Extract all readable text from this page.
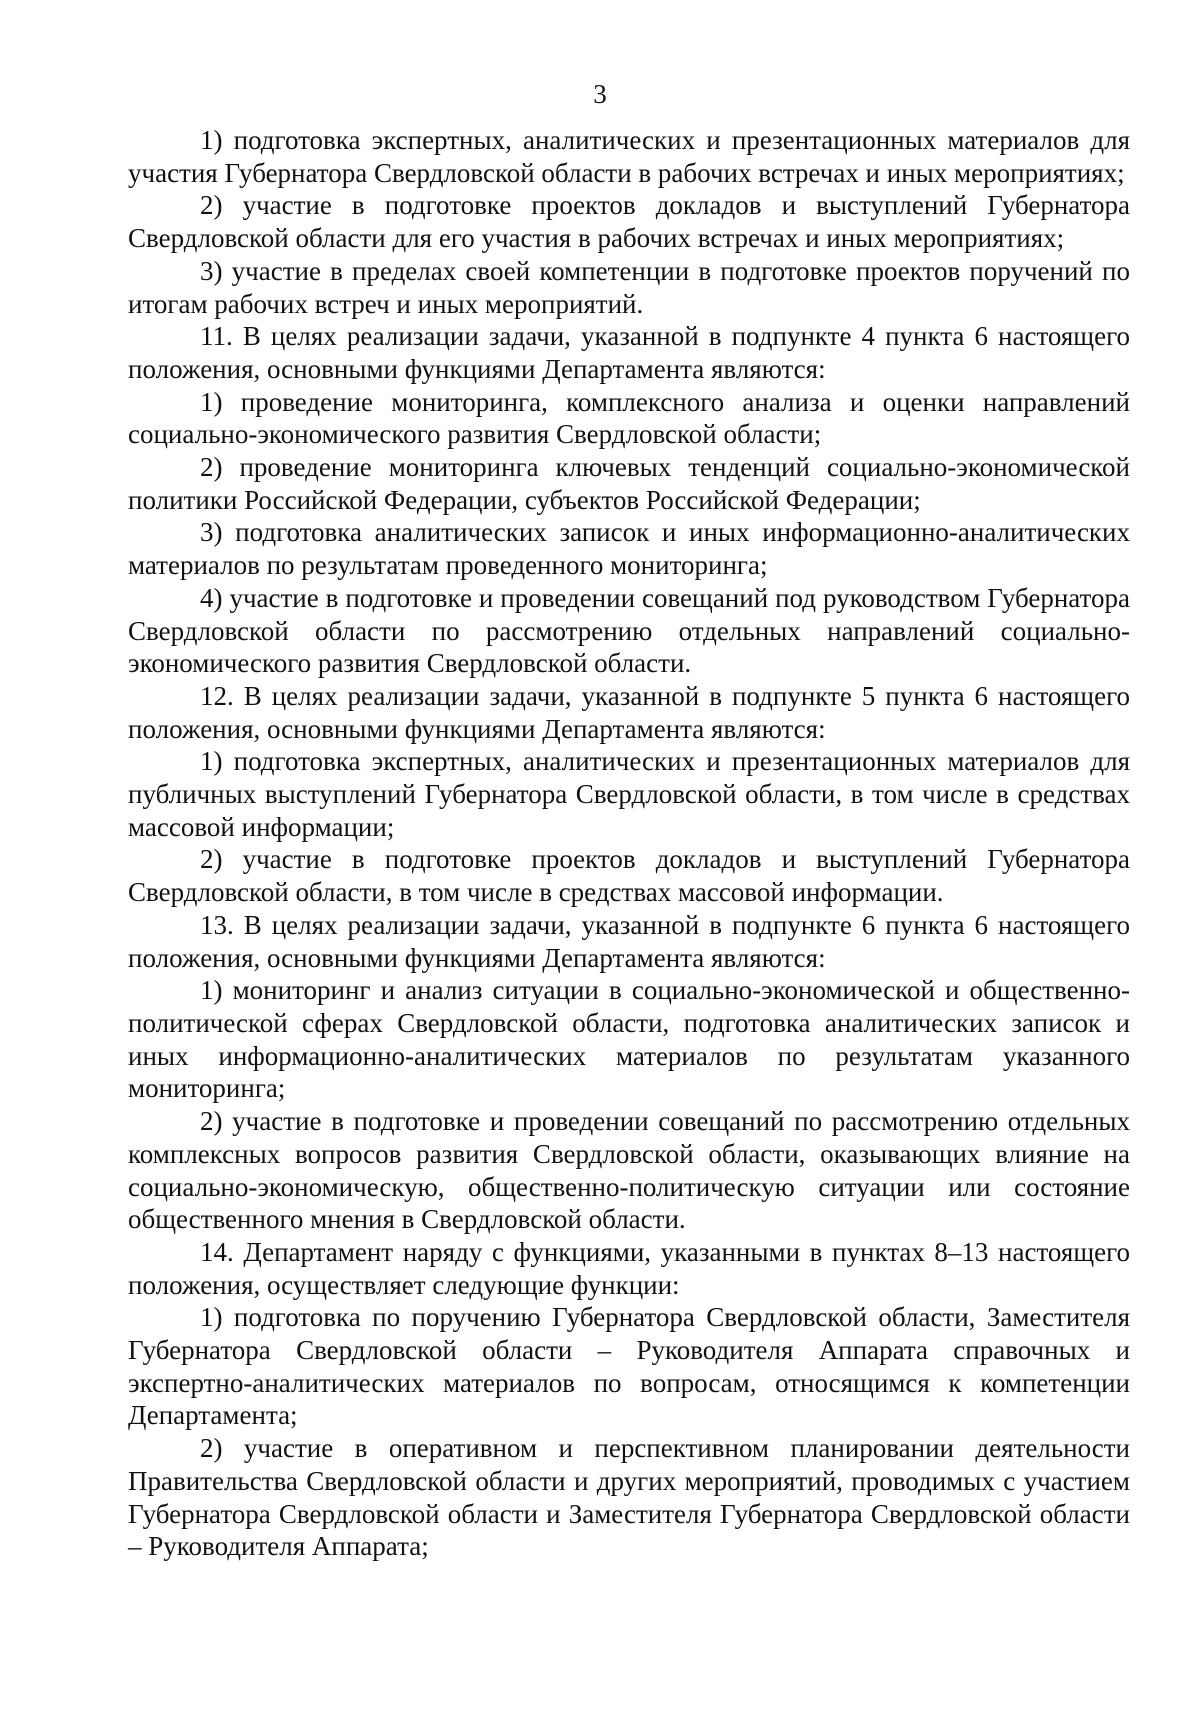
3

1) подготовка экспертных, аналитических и презентационных материалов для участия Губернатора Свердловской области в рабочих встречах и иных мероприятиях;

2) участие в подготовке проектов докладов и выступлений Губернатора Свердловской области для его участия в рабочих встречах и иных мероприятиях;

3) участие в пределах своей компетенции в подготовке проектов поручений по итогам рабочих встреч и иных мероприятий.

11. В целях реализации задачи, указанной в подпункте 4 пункта 6 настоящего положения, основными функциями Департамента являются:

1) проведение мониторинга, комплексного анализа и оценки направлений социально-экономического развития Свердловской области;

2) проведение мониторинга ключевых тенденций социально-экономической политики Российской Федерации, субъектов Российской Федерации;

3) подготовка аналитических записок и иных информационно-аналитических материалов по результатам проведенного мониторинга;

4) участие в подготовке и проведении совещаний под руководством Губернатора Свердловской области по рассмотрению отдельных направлений социально-экономического развития Свердловской области.

12. В целях реализации задачи, указанной в подпункте 5 пункта 6 настоящего положения, основными функциями Департамента являются:

1) подготовка экспертных, аналитических и презентационных материалов для публичных выступлений Губернатора Свердловской области, в том числе в средствах массовой информации;

2) участие в подготовке проектов докладов и выступлений Губернатора Свердловской области, в том числе в средствах массовой информации.

13. В целях реализации задачи, указанной в подпункте 6 пункта 6 настоящего положения, основными функциями Департамента являются:

1) мониторинг и анализ ситуации в социально-экономической и общественно-политической сферах Свердловской области, подготовка аналитических записок и иных информационно-аналитических материалов по результатам указанного мониторинга;

2) участие в подготовке и проведении совещаний по рассмотрению отдельных комплексных вопросов развития Свердловской области, оказывающих влияние на социально-экономическую, общественно-политическую ситуации или состояние общественного мнения в Свердловской области.

14. Департамент наряду с функциями, указанными в пунктах 8–13 настоящего положения, осуществляет следующие функции:

1) подготовка по поручению Губернатора Свердловской области, Заместителя Губернатора Свердловской области – Руководителя Аппарата справочных и экспертно-аналитических материалов по вопросам, относящимся к компетенции Департамента;

2) участие в оперативном и перспективном планировании деятельности Правительства Свердловской области и других мероприятий, проводимых с участием Губернатора Свердловской области и Заместителя Губернатора Свердловской области – Руководителя Аппарата;
